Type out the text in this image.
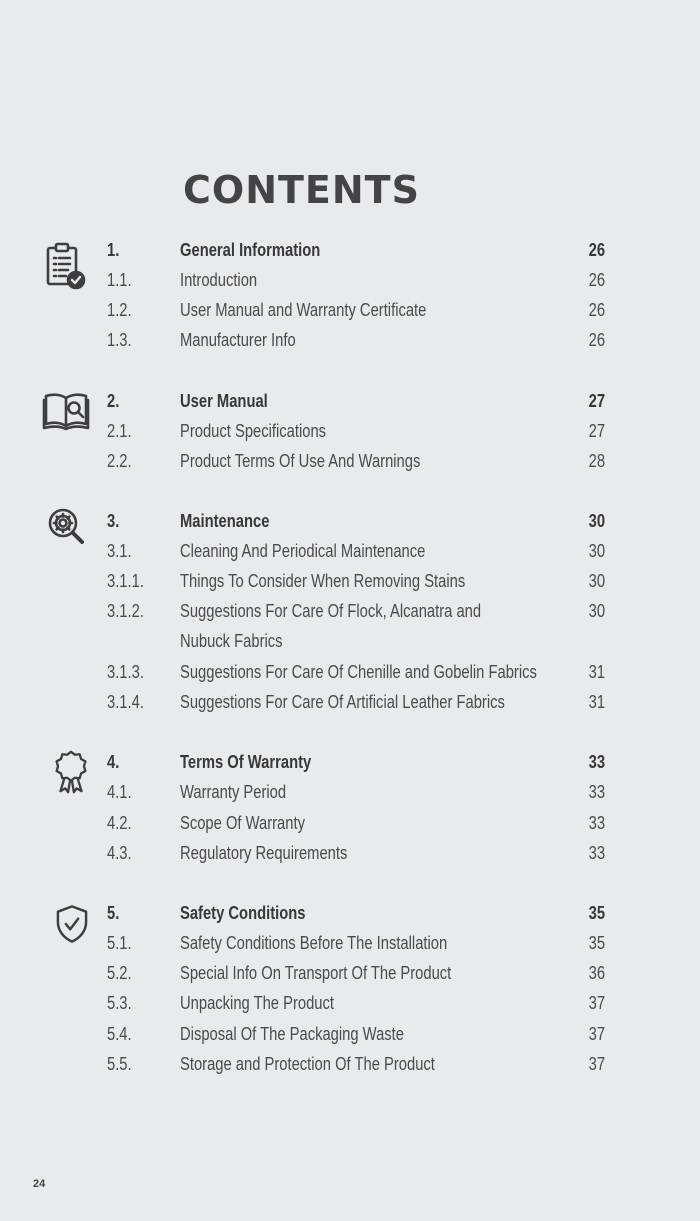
CONTENTS
1.	General Information	26
1.1.	Introduction	26
1.2.	User Manual and Warranty Certificate	26
1.3.	Manufacturer Info	26
2.	User Manual	27
2.1.	Product Specifications	27
2.2.	Product Terms Of Use And Warnings	28
3.	Maintenance	30
3.1.	Cleaning And Periodical Maintenance	30
3.1.1. Things To Consider When Removing Stains	30
3.1.2. Suggestions For Care Of Flock, Alcanatra and	30
Nubuck Fabrics
3.1.3. Suggestions For Care Of Chenille and Gobelin Fabrics	31
3.1.4. Suggestions For Care Of Artificial Leather Fabrics	31
4.	Terms Of Warranty	33
4.1.	Warranty Period	33
4.2.	Scope Of Warranty	33
4.3.	Regulatory Requirements	33
5.	Safety Conditions	35
5.1.	Safety Conditions Before The Installation	35
5.2.	Special Info On Transport Of The Product	36
5.3.	Unpacking The Product	37
5.4.	Disposal Of The Packaging Waste	37
5.5.	Storage and Protection Of The Product	37
24
